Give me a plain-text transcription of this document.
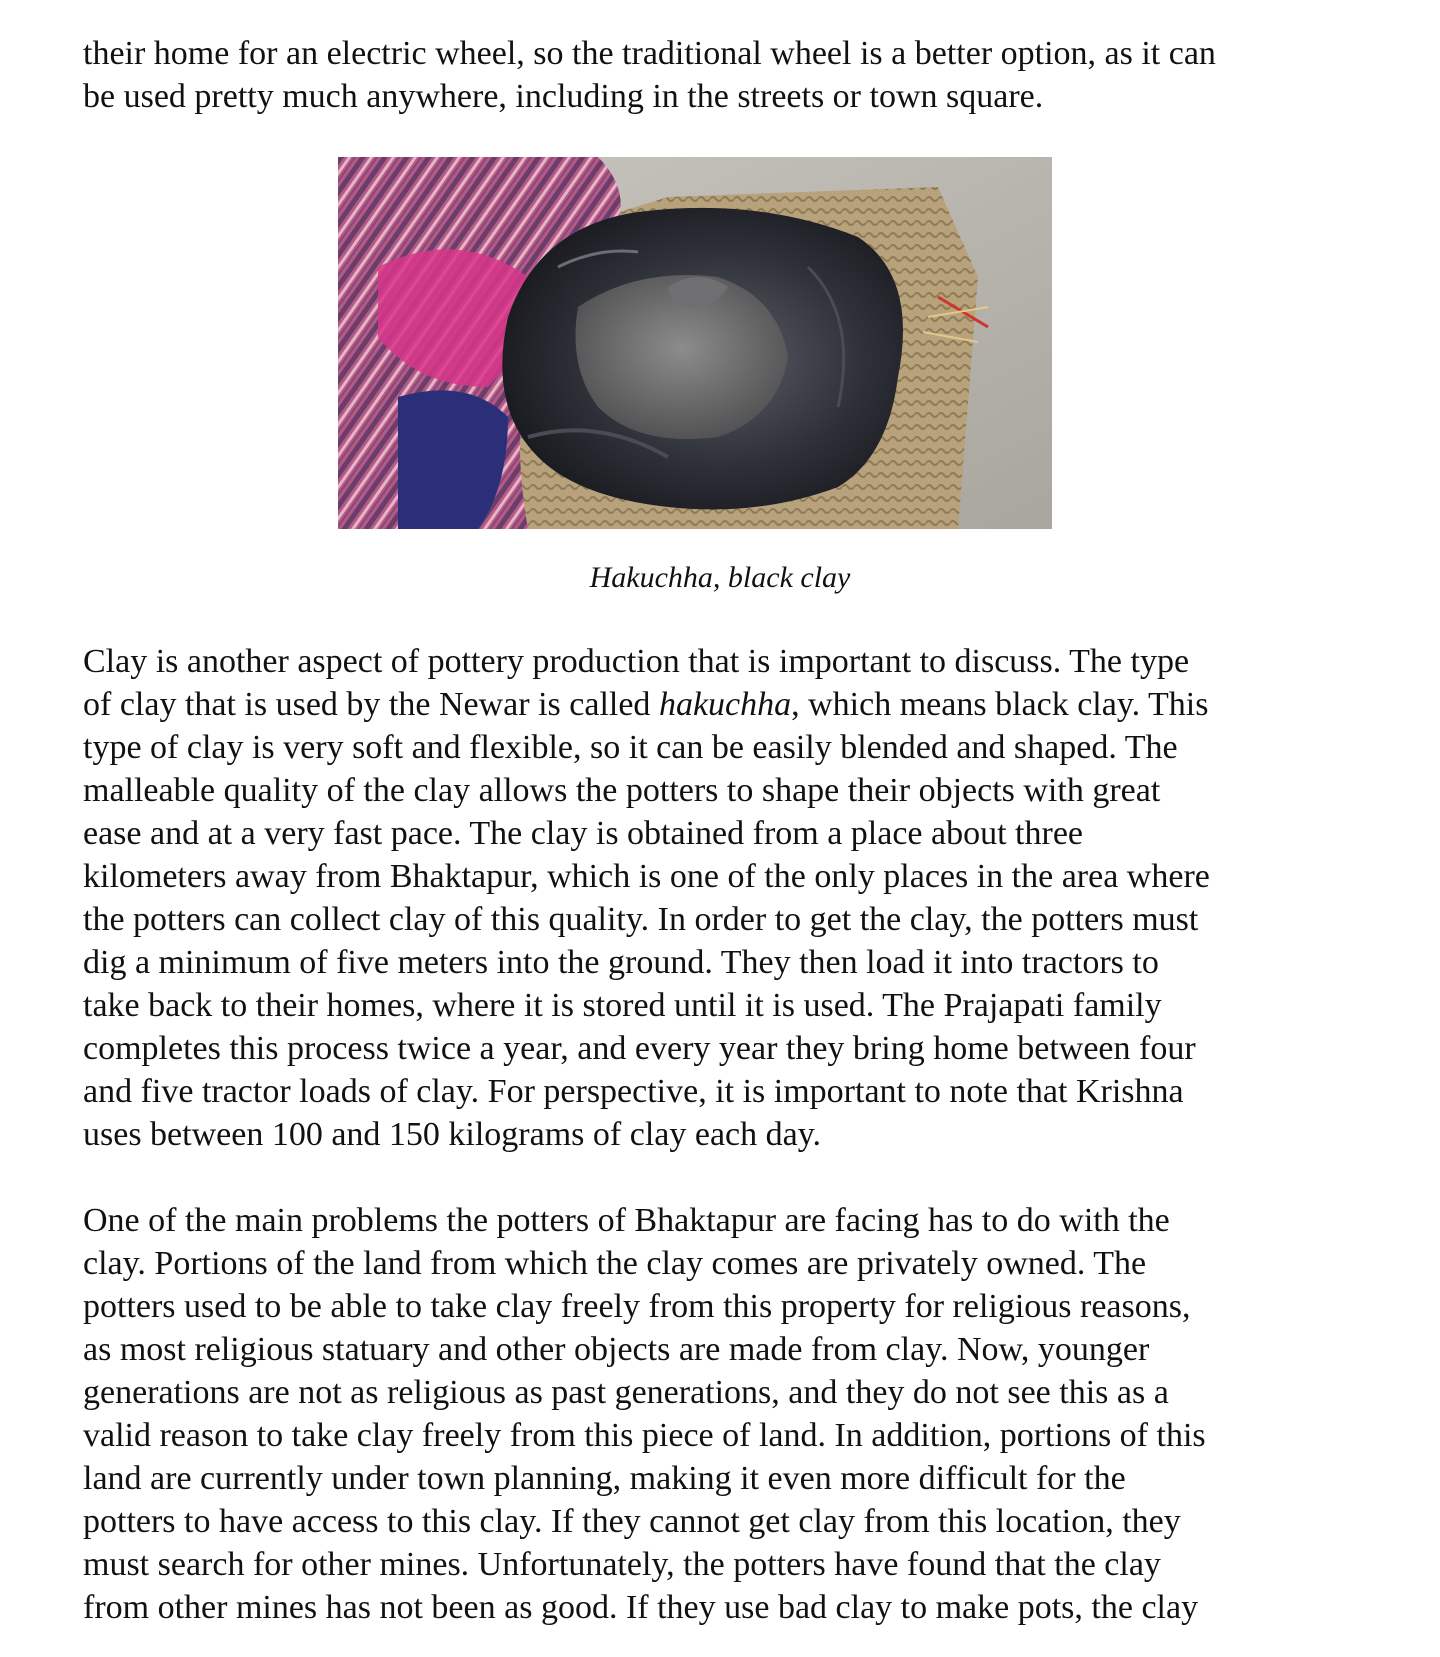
their home for an electric wheel, so the traditional wheel is a better option, as it can
be used pretty much anywhere, including in the streets or town square.

Hakuchha, black clay

Clay is another aspect of pottery production that is important to discuss. The type
of clay that is used by the Newar is called hakuchha, which means black clay. This
type of clay is very soft and flexible, so it can be easily blended and shaped. The
malleable quality of the clay allows the potters to shape their objects with great
ease and at a very fast pace. The clay is obtained from a place about three
kilometers away from Bhaktapur, which is one of the only places in the area where
the potters can collect clay of this quality. In order to get the clay, the potters must
dig a minimum of five meters into the ground. They then load it into tractors to
take back to their homes, where it is stored until it is used. The Prajapati family
completes this process twice a year, and every year they bring home between four
and five tractor loads of clay. For perspective, it is important to note that Krishna
uses between 100 and 150 kilograms of clay each day.

One of the main problems the potters of Bhaktapur are facing has to do with the
clay. Portions of the land from which the clay comes are privately owned. The
potters used to be able to take clay freely from this property for religious reasons,
as most religious statuary and other objects are made from clay. Now, younger
generations are not as religious as past generations, and they do not see this as a
valid reason to take clay freely from this piece of land. In addition, portions of this
land are currently under town planning, making it even more difficult for the
potters to have access to this clay. If they cannot get clay from this location, they
must search for other mines. Unfortunately, the potters have found that the clay
from other mines has not been as good. If they use bad clay to make pots, the clay
